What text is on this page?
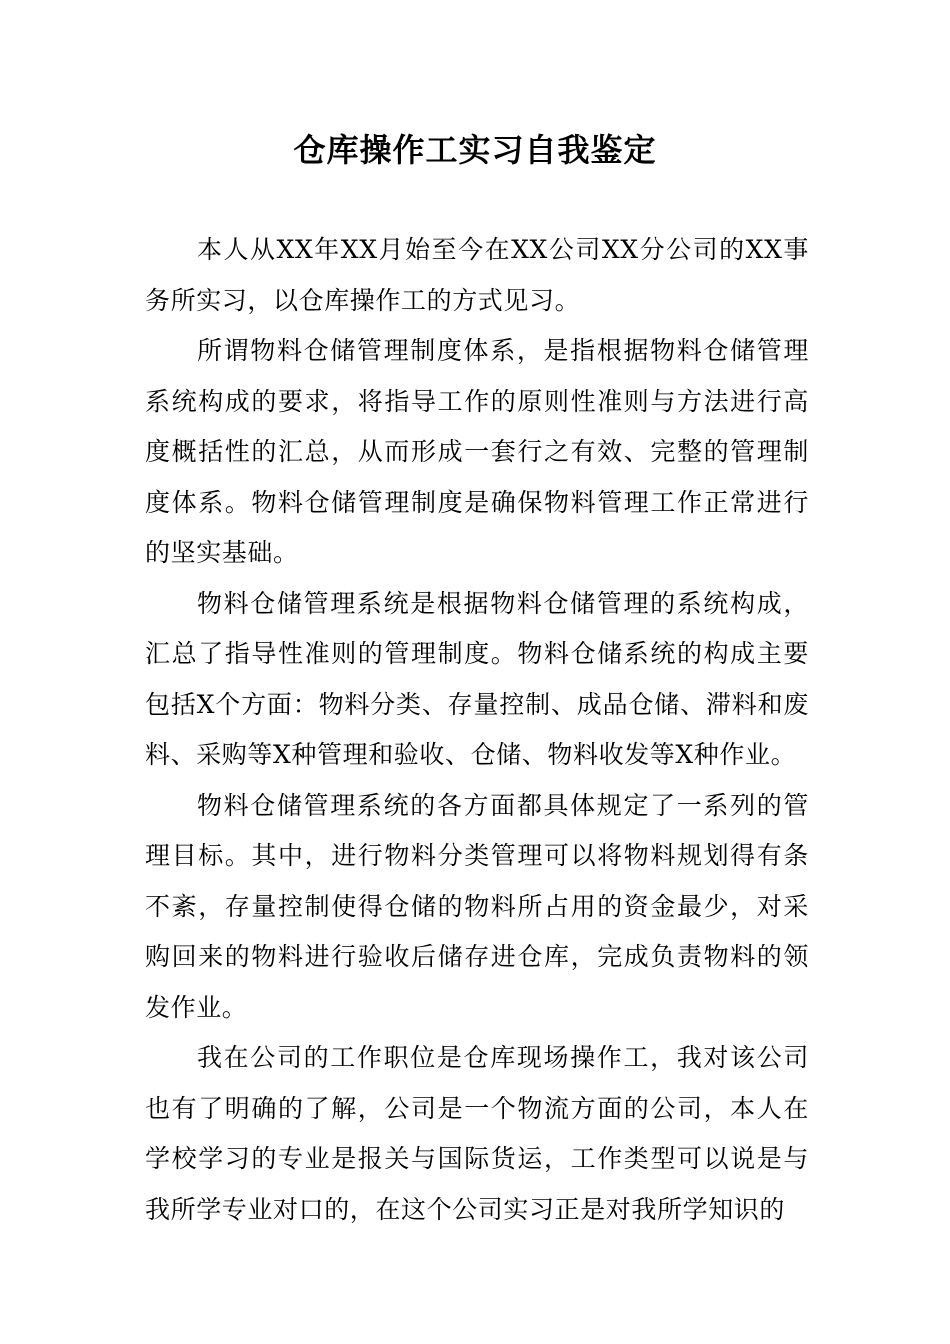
仓库操作工实习自我鉴定

本人从XX年XX月始至今在XX公司XX分公司的XX事务所实习，以仓库操作工的方式见习。

所谓物料仓储管理制度体系，是指根据物料仓储管理系统构成的要求，将指导工作的原则性准则与方法进行高度概括性的汇总，从而形成一套行之有效、完整的管理制度体系。物料仓储管理制度是确保物料管理工作正常进行的坚实基础。

物料仓储管理系统是根据物料仓储管理的系统构成，汇总了指导性准则的管理制度。物料仓储系统的构成主要包括X个方面：物料分类、存量控制、成品仓储、滞料和废料、采购等X种管理和验收、仓储、物料收发等X种作业。

物料仓储管理系统的各方面都具体规定了一系列的管理目标。其中，进行物料分类管理可以将物料规划得有条不紊，存量控制使得仓储的物料所占用的资金最少，对采购回来的物料进行验收后储存进仓库，完成负责物料的领发作业。

我在公司的工作职位是仓库现场操作工，我对该公司也有了明确的了解，公司是一个物流方面的公司，本人在学校学习的专业是报关与国际货运，工作类型可以说是与我所学专业对口的，在这个公司实习正是对我所学知识的
